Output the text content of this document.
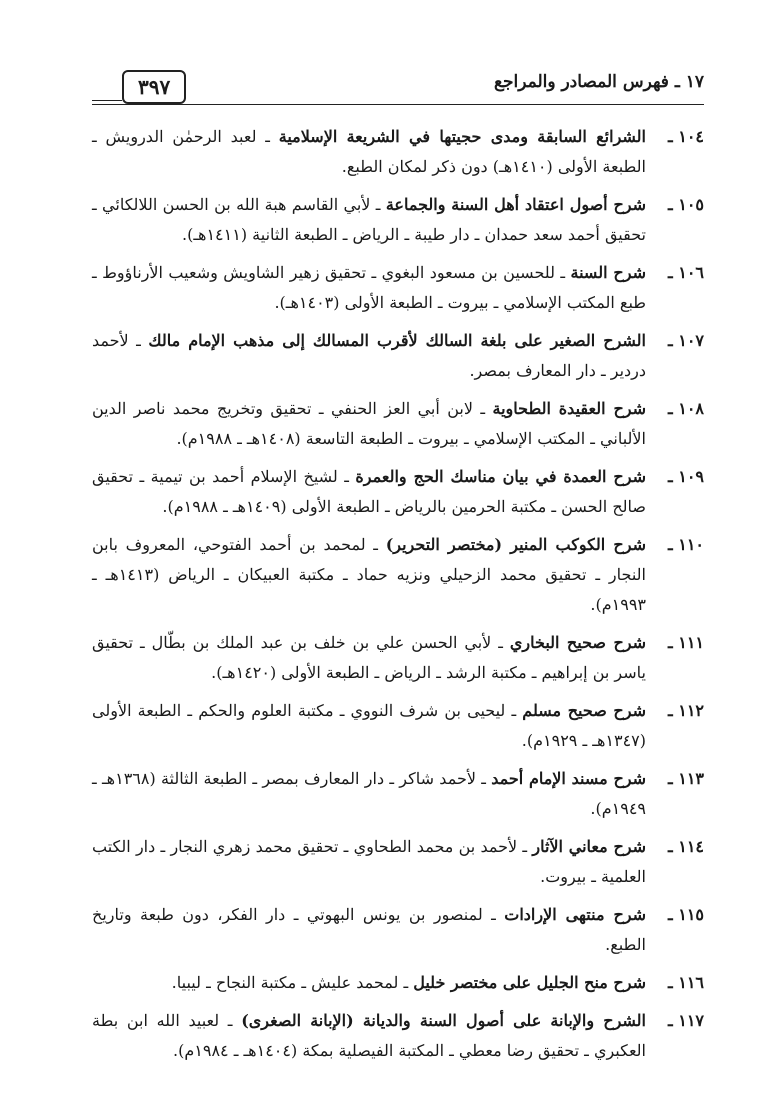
١٧ ـ فهرس المصادر والمراجع
٣٩٧
١٠٤ ـ
الشرائع السابقة ومدى حجيتها في الشريعة الإسلامية ـ لعبد الرحمٰن الدرويش ـ الطبعة الأولى (١٤١٠هـ) دون ذكر لمكان الطبع.
١٠٥ ـ
شرح أصول اعتقاد أهل السنة والجماعة ـ لأبي القاسم هبة الله بن الحسن اللالكائي ـ تحقيق أحمد سعد حمدان ـ دار طيبة ـ الرياض ـ الطبعة الثانية (١٤١١هـ).
١٠٦ ـ
شرح السنة ـ للحسين بن مسعود البغوي ـ تحقيق زهير الشاويش وشعيب الأرناؤوط ـ طبع المكتب الإسلامي ـ بيروت ـ الطبعة الأولى (١٤٠٣هـ).
١٠٧ ـ
الشرح الصغير على بلغة السالك لأقرب المسالك إلى مذهب الإمام مالك ـ لأحمد دردير ـ دار المعارف بمصر.
١٠٨ ـ
شرح العقيدة الطحاوية ـ لابن أبي العز الحنفي ـ تحقيق وتخريج محمد ناصر الدين الألباني ـ المكتب الإسلامي ـ بيروت ـ الطبعة التاسعة (١٤٠٨هـ ـ ١٩٨٨م).
١٠٩ ـ
شرح العمدة في بيان مناسك الحج والعمرة ـ لشيخ الإسلام أحمد بن تيمية ـ تحقيق صالح الحسن ـ مكتبة الحرمين بالرياض ـ الطبعة الأولى (١٤٠٩هـ ـ ١٩٨٨م).
١١٠ ـ
شرح الكوكب المنير (مختصر التحرير) ـ لمحمد بن أحمد الفتوحي، المعروف بابن النجار ـ تحقيق محمد الزحيلي ونزيه حماد ـ مكتبة العبيكان ـ الرياض (١٤١٣هـ ـ ١٩٩٣م).
١١١ ـ
شرح صحيح البخاري ـ لأبي الحسن علي بن خلف بن عبد الملك بن بطّال ـ تحقيق ياسر بن إبراهيم ـ مكتبة الرشد ـ الرياض ـ الطبعة الأولى (١٤٢٠هـ).
١١٢ ـ
شرح صحيح مسلم ـ ليحيى بن شرف النووي ـ مكتبة العلوم والحكم ـ الطبعة الأولى (١٣٤٧هـ ـ ١٩٢٩م).
١١٣ ـ
شرح مسند الإمام أحمد ـ لأحمد شاكر ـ دار المعارف بمصر ـ الطبعة الثالثة (١٣٦٨هـ ـ ١٩٤٩م).
١١٤ ـ
شرح معاني الآثار ـ لأحمد بن محمد الطحاوي ـ تحقيق محمد زهري النجار ـ دار الكتب العلمية ـ بيروت.
١١٥ ـ
شرح منتهى الإرادات ـ لمنصور بن يونس البهوتي ـ دار الفكر، دون طبعة وتاريخ الطبع.
١١٦ ـ
شرح منح الجليل على مختصر خليل ـ لمحمد عليش ـ مكتبة النجاح ـ ليبيا.
١١٧ ـ
الشرح والإبانة على أصول السنة والديانة (الإبانة الصغرى) ـ لعبيد الله ابن بطة العكبري ـ تحقيق رضا معطي ـ المكتبة الفيصلية بمكة (١٤٠٤هـ ـ ١٩٨٤م).
